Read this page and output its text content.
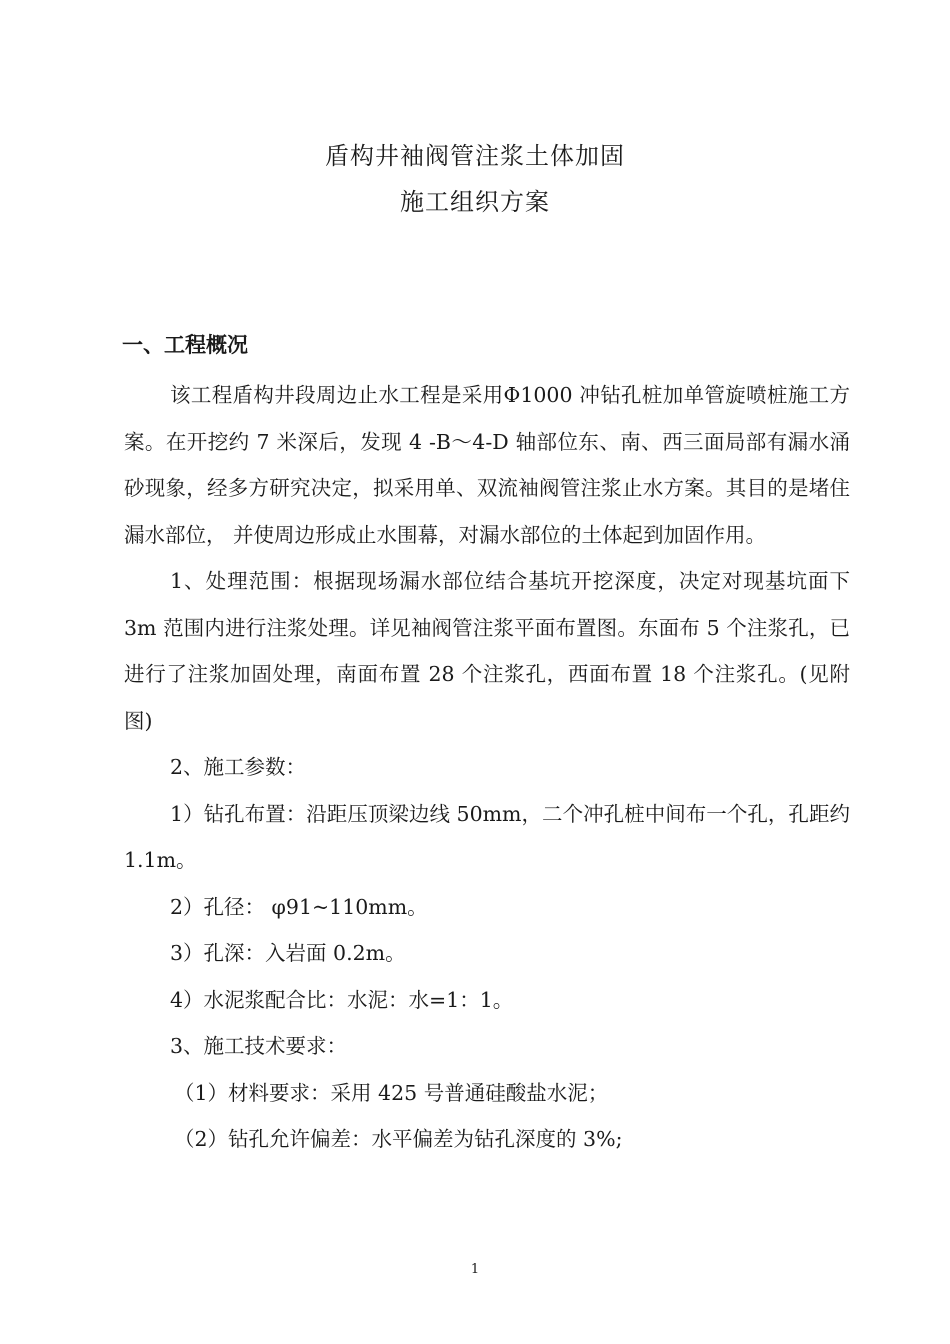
盾构井袖阀管注浆土体加固
施工组织方案
一、工程概况

该工程盾构井段周边止水工程是采用Φ1000 冲钻孔桩加单管旋喷桩施工方案。在开挖约 7 米深后，发现 4 -B～4-D 轴部位东、南、西三面局部有漏水涌砂现象，经多方研究决定，拟采用单、双流袖阀管注浆止水方案。其目的是堵住漏水部位， 并使周边形成止水围幕，对漏水部位的土体起到加固作用。

1、处理范围：根据现场漏水部位结合基坑开挖深度，决定对现基坑面下 3m 范围内进行注浆处理。详见袖阀管注浆平面布置图。东面布 5 个注浆孔，已进行了注浆加固处理，南面布置 28 个注浆孔，西面布置 18 个注浆孔。(见附图)

2、施工参数：

1）钻孔布置：沿距压顶梁边线 50mm，二个冲孔桩中间布一个孔，孔距约 1.1m。

2）孔径： φ91~110mm。

3）孔深：入岩面 0.2m。

4）水泥浆配合比：水泥：水=1：1。

3、施工技术要求：

（1）材料要求：采用 425 号普通硅酸盐水泥；

（2）钻孔允许偏差：水平偏差为钻孔深度的 3%;

1
